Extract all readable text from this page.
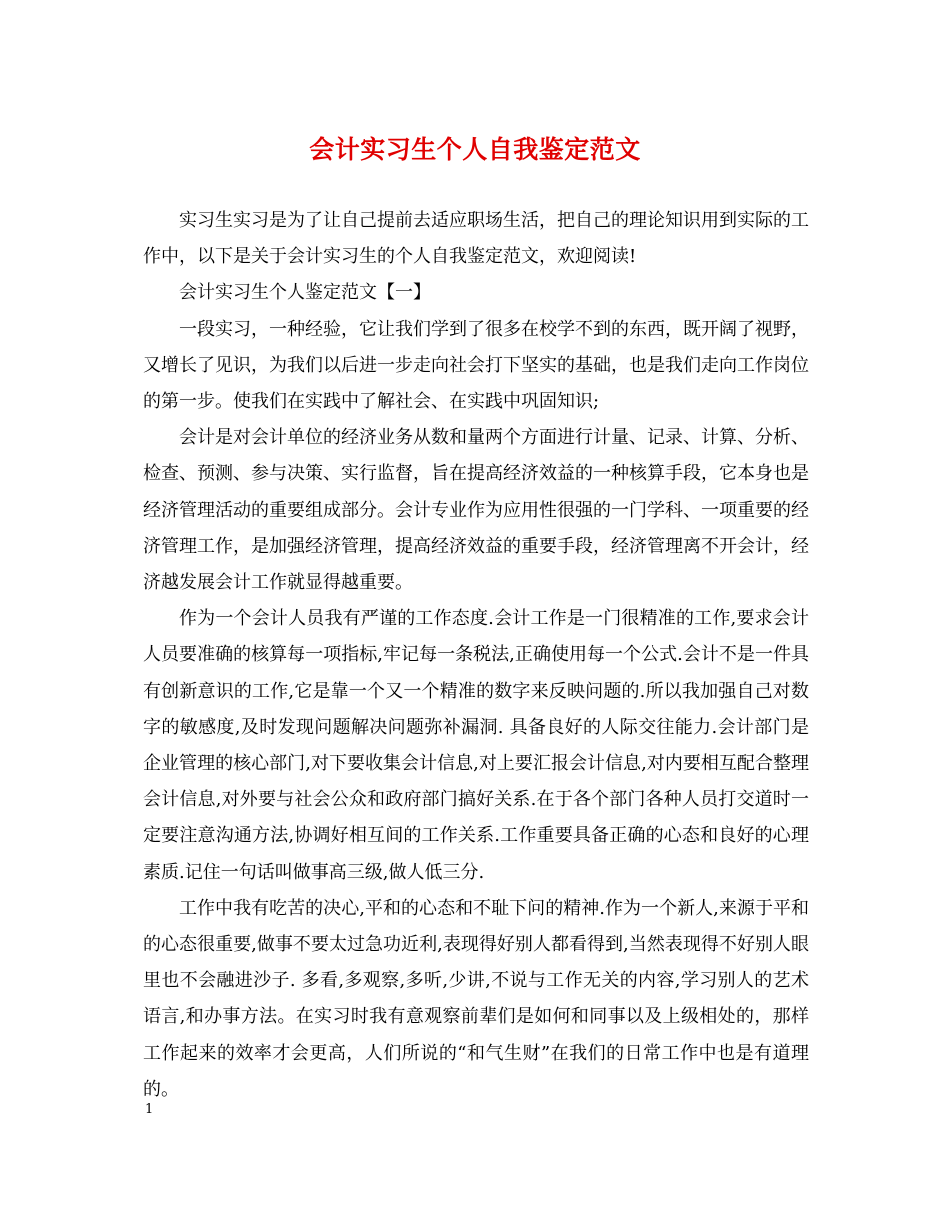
会计实习生个人自我鉴定范文

实习生实习是为了让自己提前去适应职场生活，把自己的理论知识用到实际的工作中，以下是关于会计实习生的个人自我鉴定范文，欢迎阅读!

会计实习生个人鉴定范文【一】

一段实习，一种经验，它让我们学到了很多在校学不到的东西，既开阔了视野，又增长了见识，为我们以后进一步走向社会打下坚实的基础，也是我们走向工作岗位的第一步。使我们在实践中了解社会、在实践中巩固知识;

会计是对会计单位的经济业务从数和量两个方面进行计量、记录、计算、分析、检查、预测、参与决策、实行监督，旨在提高经济效益的一种核算手段，它本身也是经济管理活动的重要组成部分。会计专业作为应用性很强的一门学科、一项重要的经济管理工作，是加强经济管理，提高经济效益的重要手段，经济管理离不开会计，经济越发展会计工作就显得越重要。

作为一个会计人员我有严谨的工作态度.会计工作是一门很精准的工作,要求会计人员要准确的核算每一项指标,牢记每一条税法,正确使用每一个公式.会计不是一件具有创新意识的工作,它是靠一个又一个精准的数字来反映问题的.所以我加强自己对数字的敏感度,及时发现问题解决问题弥补漏洞. 具备良好的人际交往能力.会计部门是企业管理的核心部门,对下要收集会计信息,对上要汇报会计信息,对内要相互配合整理会计信息,对外要与社会公众和政府部门搞好关系.在于各个部门各种人员打交道时一定要注意沟通方法,协调好相互间的工作关系.工作重要具备正确的心态和良好的心理素质.记住一句话叫做事高三级,做人低三分.

工作中我有吃苦的决心,平和的心态和不耻下问的精神.作为一个新人,来源于平和的心态很重要,做事不要太过急功近利,表现得好别人都看得到,当然表现得不好别人眼里也不会融进沙子. 多看,多观察,多听,少讲,不说与工作无关的内容,学习别人的艺术语言,和办事方法。在实习时我有意观察前辈们是如何和同事以及上级相处的，那样工作起来的效率才会更高，人们所说的“和气生财”在我们的日常工作中也是有道理的。

1
